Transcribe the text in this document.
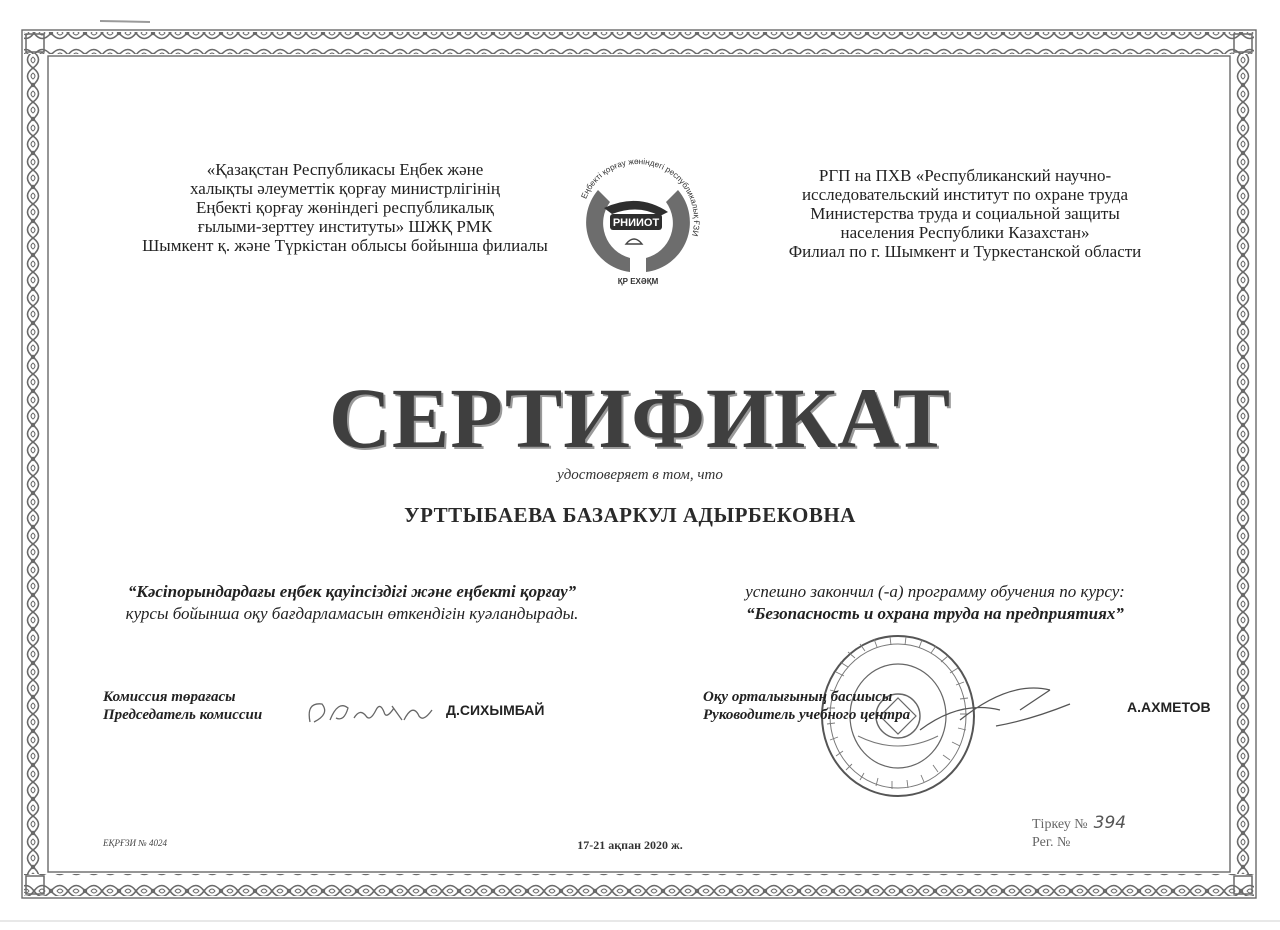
«Қазақстан Республикасы Еңбек және
халықты әлеуметтік қорғау министрлігінің
Еңбекті қорғау жөніндегі республикалық
ғылыми-зерттеу институты» ШЖҚ РМК
Шымкент қ. және Түркістан облысы бойынша филиалы
РНИИОТ
Еңбекті қорғау жөніндегі республикалық ҒЗИ
ҚР ЕХӘҚМ
РГП на ПХВ «Республиканский научно-
исследовательский институт по охране труда
Министерства труда и социальной защиты
населения Республики Казахстан»
Филиал по г. Шымкент и Туркестанской области
СЕРТИФИКАТ
удостоверяет в том, что
УРТТЫБАЕВА БАЗАРКУЛ АДЫРБЕКОВНА
“Кәсіпорындардағы еңбек қауіпсіздігі және еңбекті қорғау”
курсы бойынша оқу бағдарламасын өткендігін куәландырады.
успешно закончил (-а) программу обучения по курсу:
“Безопасность и охрана труда на предприятиях”
Комиссия төрағасы
Председатель комиссии	Д.СИХЫМБАЙ
Оқу орталығының басшысы
Руководитель учебного центра	А.АХМЕТОВ
ЕҚРҒЗИ № 4024	17-21 ақпан 2020 ж.
Тіркеу № 394
Рег. №
